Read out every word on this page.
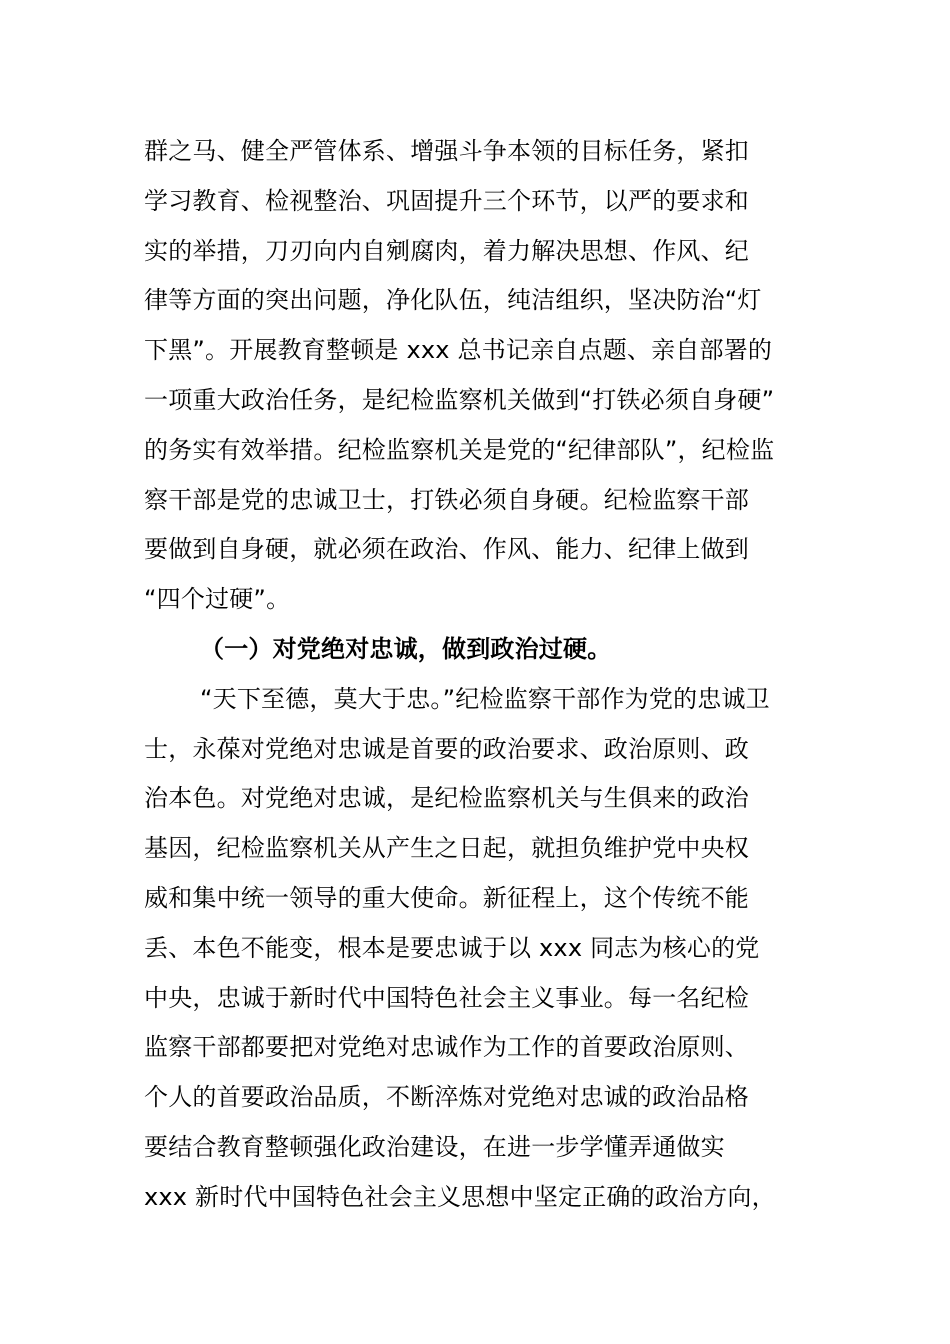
群之马、健全严管体系、增强斗争本领的目标任务，紧扣
学习教育、检视整治、巩固提升三个环节，以严的要求和
实的举措，刀刃向内自剜腐肉，着力解决思想、作风、纪
律等方面的突出问题，净化队伍，纯洁组织，坚决防治“灯
下黑”。开展教育整顿是 xxx 总书记亲自点题、亲自部署的
一项重大政治任务，是纪检监察机关做到“打铁必须自身硬”
的务实有效举措。纪检监察机关是党的“纪律部队”，纪检监
察干部是党的忠诚卫士，打铁必须自身硬。纪检监察干部
要做到自身硬，就必须在政治、作风、能力、纪律上做到
“四个过硬”。
（一）对党绝对忠诚，做到政治过硬。
“天下至德，莫大于忠。”纪检监察干部作为党的忠诚卫
士，永葆对党绝对忠诚是首要的政治要求、政治原则、政
治本色。对党绝对忠诚，是纪检监察机关与生俱来的政治
基因，纪检监察机关从产生之日起，就担负维护党中央权
威和集中统一领导的重大使命。新征程上，这个传统不能
丢、本色不能变，根本是要忠诚于以 xxx 同志为核心的党
中央，忠诚于新时代中国特色社会主义事业。每一名纪检
监察干部都要把对党绝对忠诚作为工作的首要政治原则、
个人的首要政治品质，不断淬炼对党绝对忠诚的政治品格
要结合教育整顿强化政治建设，在进一步学懂弄通做实
xxx 新时代中国特色社会主义思想中坚定正确的政治方向，
